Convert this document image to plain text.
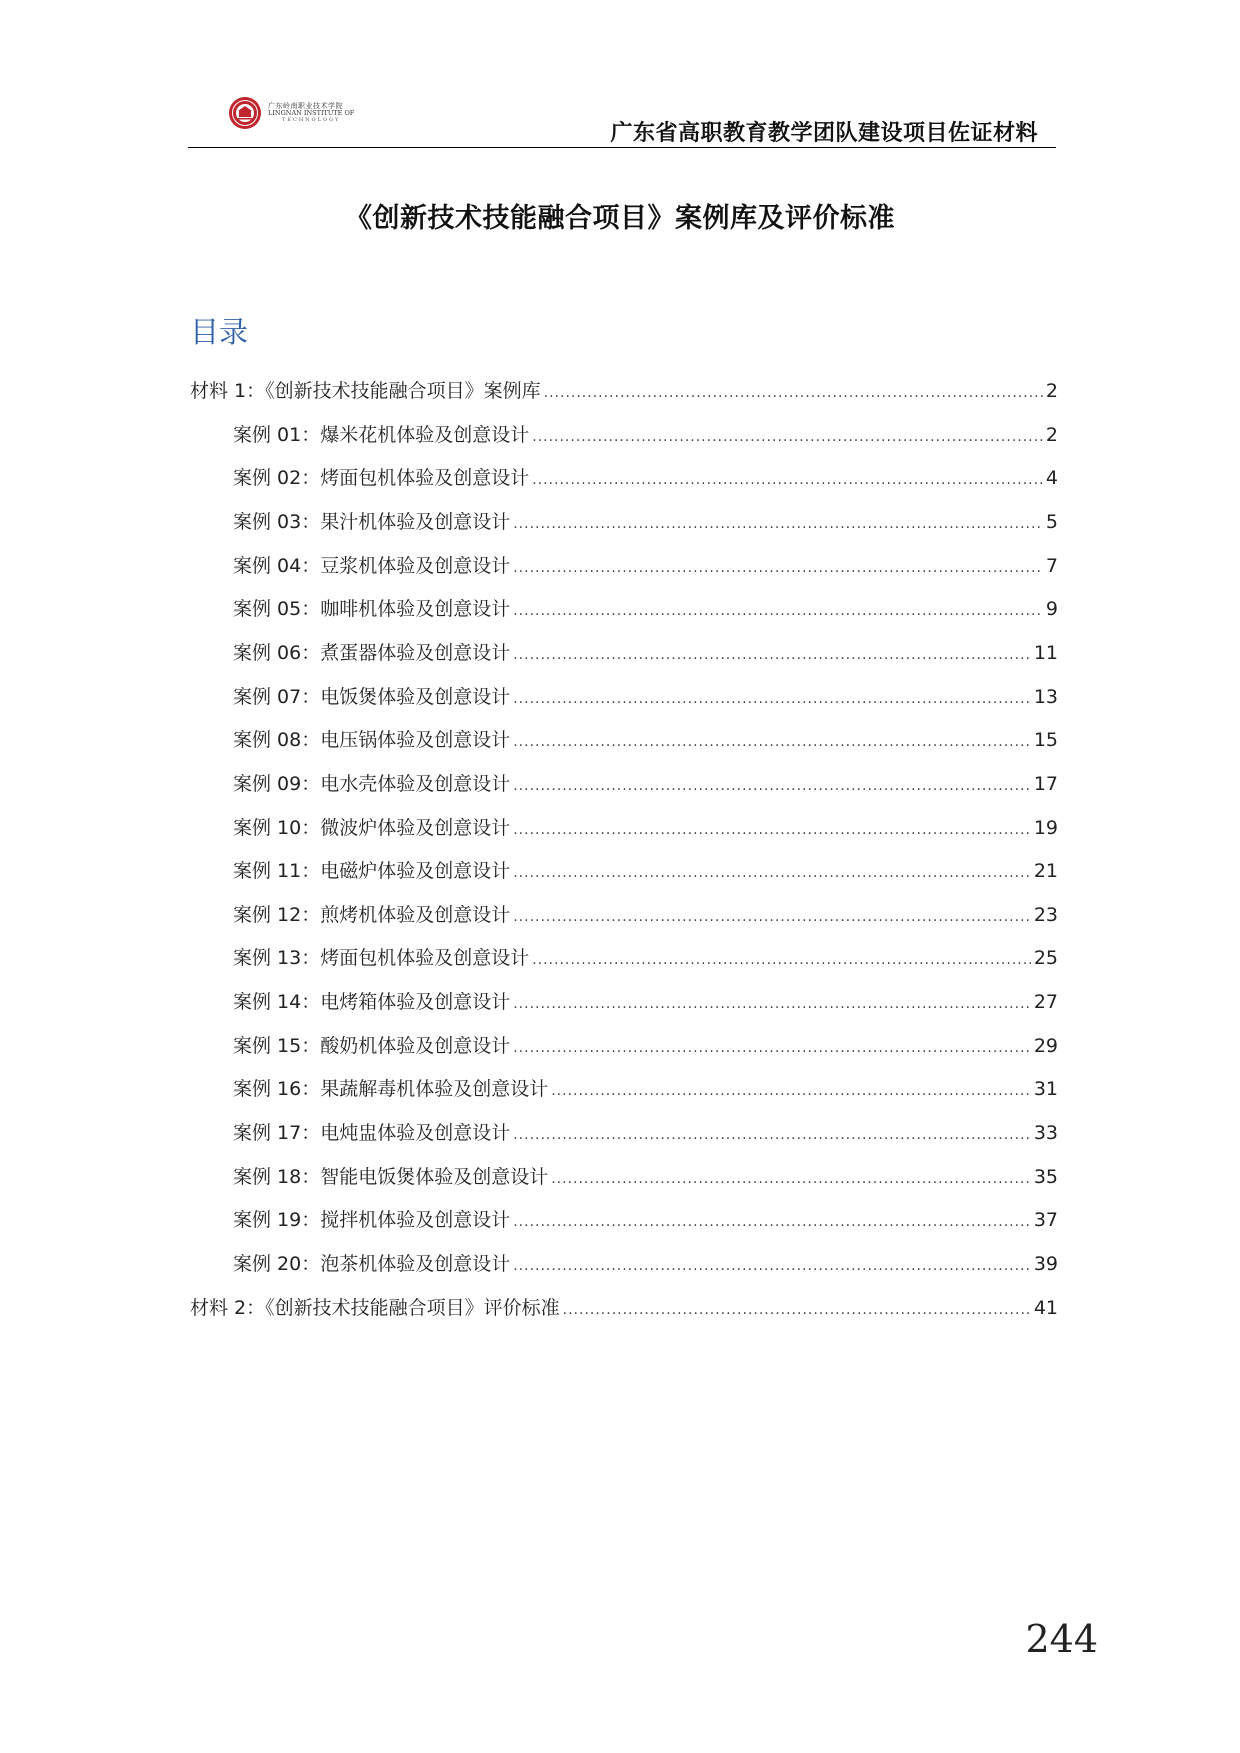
广东岭南职业技术学院
LINGNAN INSTITUTE OF
TECHNOLOGY
广东省高职教育教学团队建设项目佐证材料
《创新技术技能融合项目》案例库及评价标准
目录
材料 1：《创新技术技能融合项目》案例库 .....	2
案例 01：爆米花机体验及创意设计 .....	2
案例 02：烤面包机体验及创意设计 .....	4
案例 03：果汁机体验及创意设计 .....	5
案例 04：豆浆机体验及创意设计 .....	7
案例 05：咖啡机体验及创意设计 .....	9
案例 06：煮蛋器体验及创意设计 .....	11
案例 07：电饭煲体验及创意设计 .....	13
案例 08：电压锅体验及创意设计 .....	15
案例 09：电水壳体验及创意设计 .....	17
案例 10：微波炉体验及创意设计 .....	19
案例 11：电磁炉体验及创意设计 .....	21
案例 12：煎烤机体验及创意设计 .....	23
案例 13：烤面包机体验及创意设计 .....	25
案例 14：电烤箱体验及创意设计 .....	27
案例 15：酸奶机体验及创意设计 .....	29
案例 16：果蔬解毒机体验及创意设计 .....	31
案例 17：电炖盅体验及创意设计 .....	33
案例 18：智能电饭煲体验及创意设计 .....	35
案例 19：搅拌机体验及创意设计 .....	37
案例 20：泡茶机体验及创意设计 .....	39
材料 2：《创新技术技能融合项目》评价标准 .....	41
244
